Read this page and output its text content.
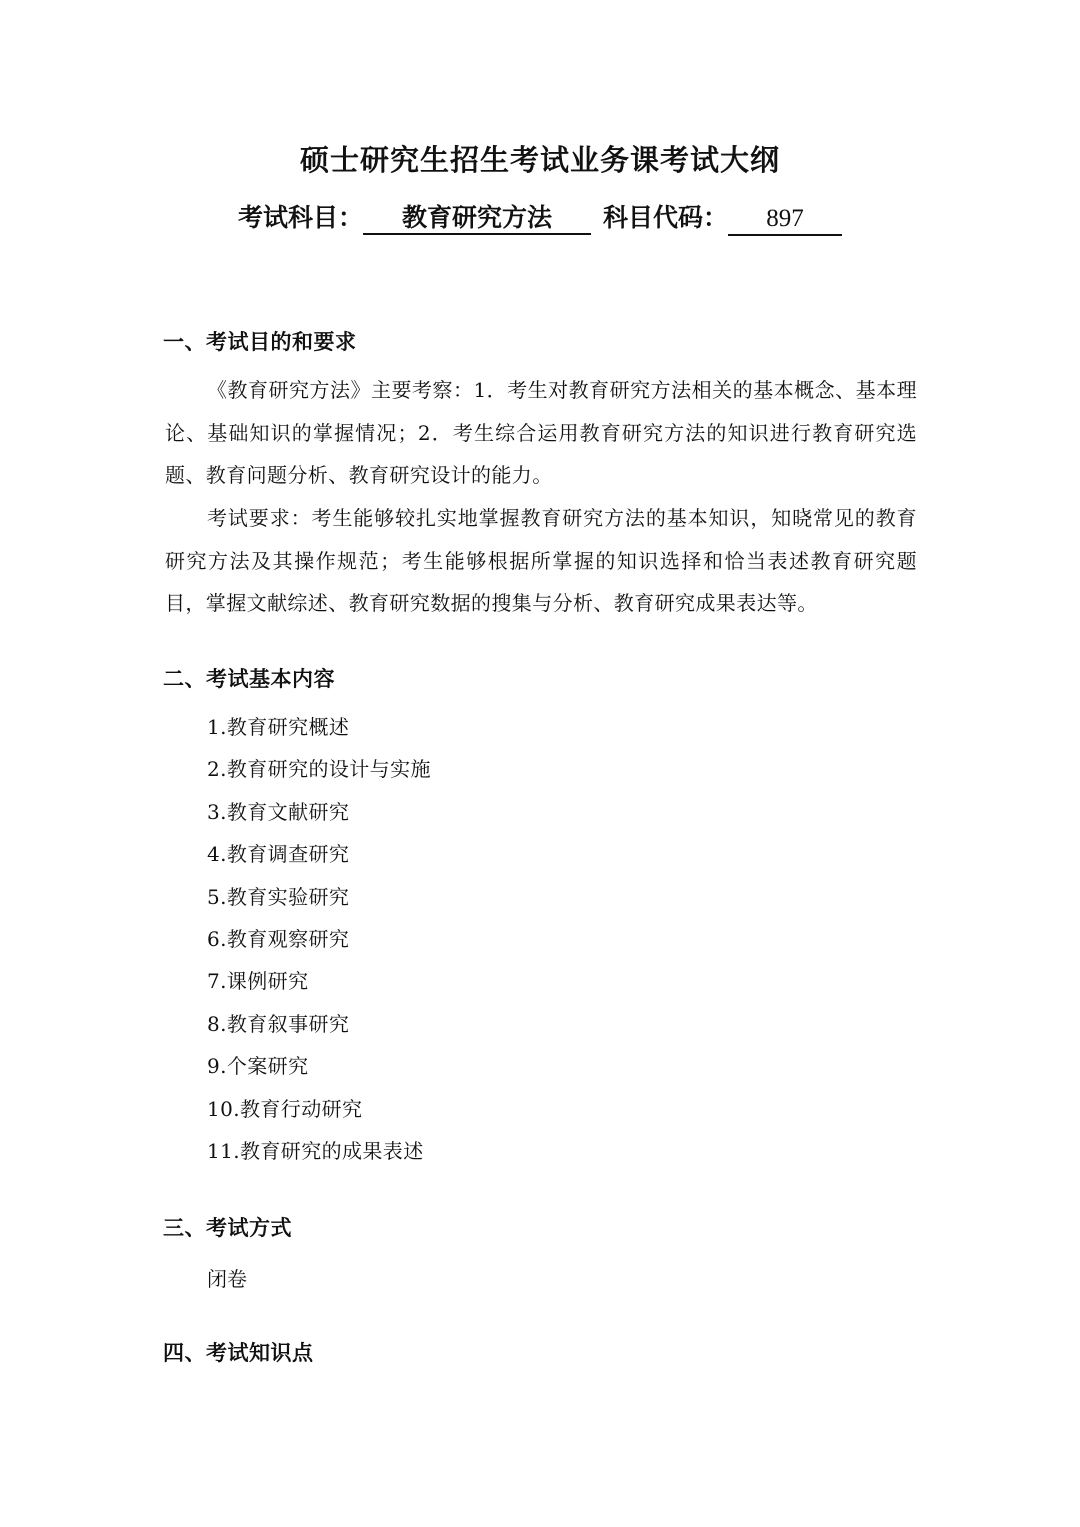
硕士研究生招生考试业务课考试大纲
考试科目： 教育研究方法 科目代码： 897
一、考试目的和要求
《教育研究方法》主要考察：1．考生对教育研究方法相关的基本概念、基本理论、基础知识的掌握情况；2．考生综合运用教育研究方法的知识进行教育研究选题、教育问题分析、教育研究设计的能力。
考试要求：考生能够较扎实地掌握教育研究方法的基本知识，知晓常见的教育研究方法及其操作规范；考生能够根据所掌握的知识选择和恰当表述教育研究题目，掌握文献综述、教育研究数据的搜集与分析、教育研究成果表达等。
二、考试基本内容
1.教育研究概述
2.教育研究的设计与实施
3.教育文献研究
4.教育调查研究
5.教育实验研究
6.教育观察研究
7.课例研究
8.教育叙事研究
9.个案研究
10.教育行动研究
11.教育研究的成果表述
三、考试方式
闭卷
四、考试知识点
